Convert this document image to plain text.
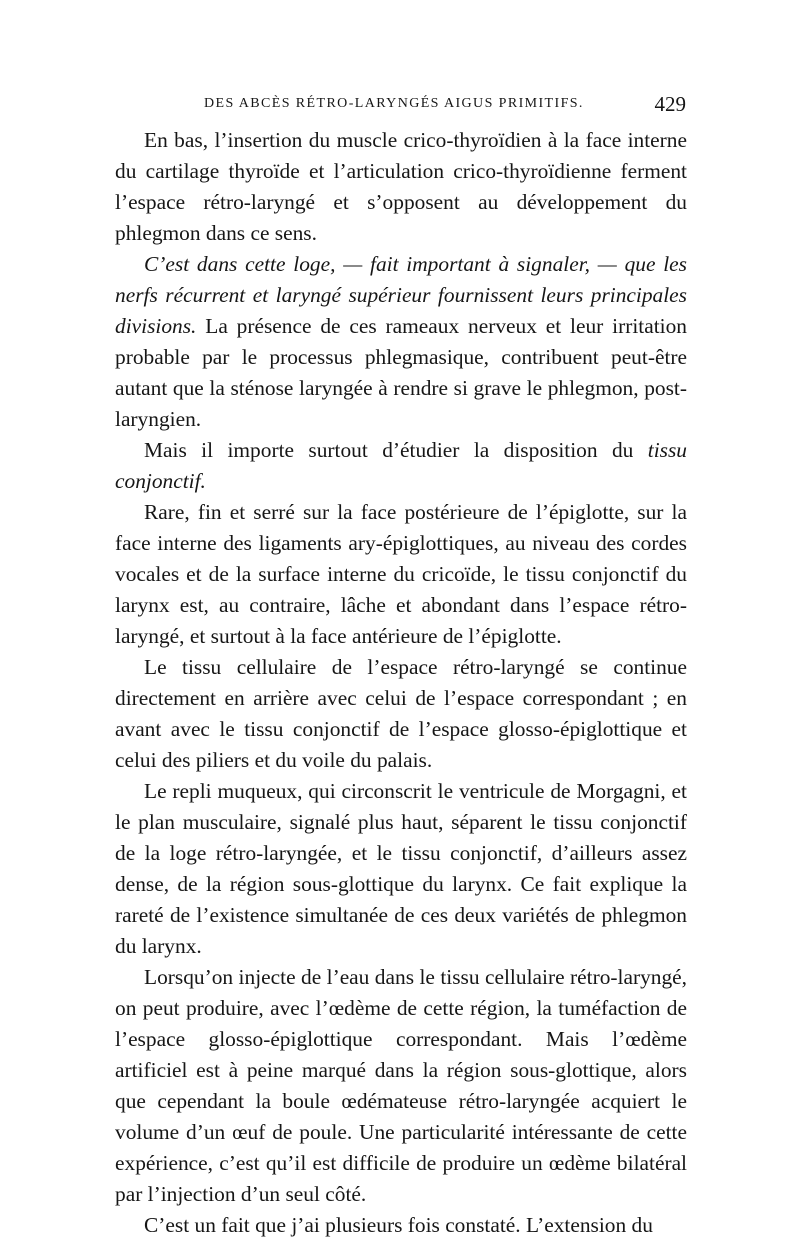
DES ABCÈS RÉTRO-LARYNGÉS AIGUS PRIMITIFS.	429

En bas, l’insertion du muscle crico-thyroïdien à la face interne du cartilage thyroïde et l’articulation crico-thyroïdienne ferment l’espace rétro-laryngé et s’opposent au développement du phlegmon dans ce sens.

C’est dans cette loge, — fait important à signaler, — que les nerfs récurrent et laryngé supérieur fournissent leurs principales divisions. La présence de ces rameaux nerveux et leur irritation probable par le processus phlegmasique, contribuent peut-être autant que la sténose laryngée à rendre si grave le phlegmon, post-laryngien.

Mais il importe surtout d’étudier la disposition du tissu conjonctif.

Rare, fin et serré sur la face postérieure de l’épiglotte, sur la face interne des ligaments ary-épiglottiques, au niveau des cordes vocales et de la surface interne du cricoïde, le tissu conjonctif du larynx est, au contraire, lâche et abondant dans l’espace rétro-laryngé, et surtout à la face antérieure de l’épiglotte.

Le tissu cellulaire de l’espace rétro-laryngé se continue directement en arrière avec celui de l’espace correspondant ; en avant avec le tissu conjonctif de l’espace glosso-épiglottique et celui des piliers et du voile du palais.

Le repli muqueux, qui circonscrit le ventricule de Morgagni, et le plan musculaire, signalé plus haut, séparent le tissu conjonctif de la loge rétro-laryngée, et le tissu conjonctif, d’ailleurs assez dense, de la région sous-glottique du larynx. Ce fait explique la rareté de l’existence simultanée de ces deux variétés de phlegmon du larynx.

Lorsqu’on injecte de l’eau dans le tissu cellulaire rétro-laryngé, on peut produire, avec l’œdème de cette région, la tuméfaction de l’espace glosso-épiglottique correspondant. Mais l’œdème artificiel est à peine marqué dans la région sous-glottique, alors que cependant la boule œdémateuse rétro-laryngée acquiert le volume d’un œuf de poule. Une particularité intéressante de cette expérience, c’est qu’il est difficile de produire un œdème bilatéral par l’injection d’un seul côté.

C’est un fait que j’ai plusieurs fois constaté. L’extension du
